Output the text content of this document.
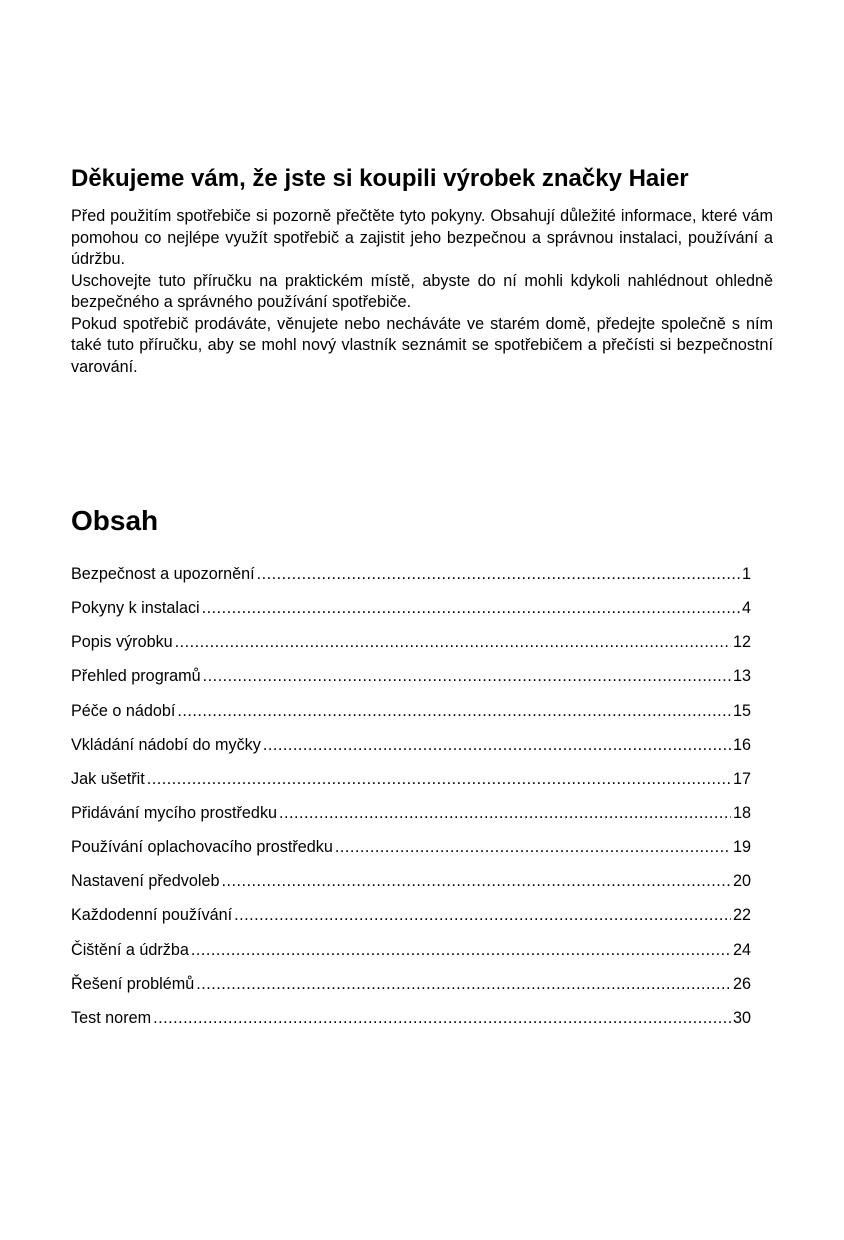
Děkujeme vám, že jste si koupili výrobek značky Haier

Před použitím spotřebiče si pozorně přečtěte tyto pokyny. Obsahují důležité informace, které vám pomohou co nejlépe využít spotřebič a zajistit jeho bezpečnou a správnou instalaci, používání a údržbu.

Uschovejte tuto příručku na praktickém místě, abyste do ní mohli kdykoli nahlédnout ohledně bezpečného a správného používání spotřebiče.

Pokud spotřebič prodáváte, věnujete nebo necháváte ve starém domě, předejte společně s ním také tuto příručku, aby se mohl nový vlastník seznámit se spotřebičem a přečísti si bezpečnostní varování.

Obsah
Bezpečnost a upozornění .....	1
Pokyny k instalaci .....	4
Popis výrobku .....	12
Přehled programů .....	13
Péče o nádobí .....	15
Vkládání nádobí do myčky .....	16
Jak ušetřit .....	17
Přidávání mycího prostředku .....	18
Používání oplachovacího prostředku .....	19
Nastavení předvoleb .....	20
Každodenní používání .....	22
Čištění a údržba .....	24
Řešení problémů .....	26
Test norem .....	30
